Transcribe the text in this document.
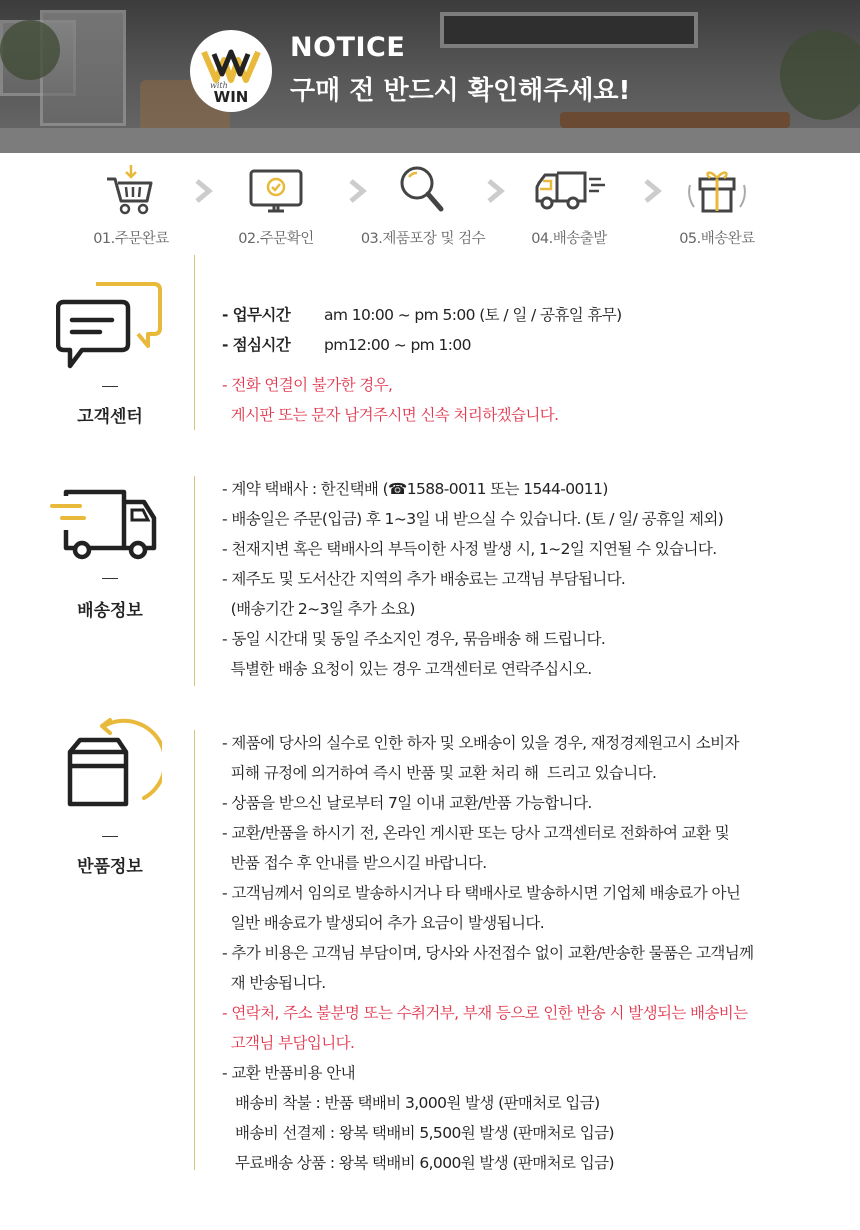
with
WIN
NOTICE
구매 전 반드시 확인해주세요!
01.주문완료	02.주문확인	03.제품포장 및 검수	04.배송출발	05.배송완료
고객센터
- 업무시간 am 10:00 ~ pm 5:00 (토 / 일 / 공휴일 휴무)
- 점심시간 pm12:00 ~ pm 1:00
- 전화 연결이 불가한 경우,
게시판 또는 문자 남겨주시면 신속 처리하겠습니다.
배송정보
- 계약 택배사 : 한진택배 (☎1588-0011 또는 1544-0011)
- 배송일은 주문(입금) 후 1~3일 내 받으실 수 있습니다. (토 / 일/ 공휴일 제외)
- 천재지변 혹은 택배사의 부득이한 사정 발생 시, 1~2일 지연될 수 있습니다.
- 제주도 및 도서산간 지역의 추가 배송료는 고객님 부담됩니다.
(배송기간 2~3일 추가 소요)
- 동일 시간대 및 동일 주소지인 경우, 묶음배송 해 드립니다.
특별한 배송 요청이 있는 경우 고객센터로 연락주십시오.
반품정보
- 제품에 당사의 실수로 인한 하자 및 오배송이 있을 경우, 재정경제원고시 소비자
피해 규정에 의거하여 즉시 반품 및 교환 처리 해  드리고 있습니다.
- 상품을 받으신 날로부터 7일 이내 교환/반품 가능합니다.
- 교환/반품을 하시기 전, 온라인 게시판 또는 당사 고객센터로 전화하여 교환 및
반품 접수 후 안내를 받으시길 바랍니다.
- 고객님께서 임의로 발송하시거나 타 택배사로 발송하시면 기업체 배송료가 아닌
일반 배송료가 발생되어 추가 요금이 발생됩니다.
- 추가 비용은 고객님 부담이며, 당사와 사전접수 없이 교환/반송한 물품은 고객님께
재 반송됩니다.
- 연락처, 주소 불분명 또는 수취거부, 부재 등으로 인한 반송 시 발생되는 배송비는
고객님 부담입니다.
- 교환 반품비용 안내
배송비 착불 : 반품 택배비 3,000원 발생 (판매처로 입금)
배송비 선결제 : 왕복 택배비 5,500원 발생 (판매처로 입금)
무료배송 상품 : 왕복 택배비 6,000원 발생 (판매처로 입금)
